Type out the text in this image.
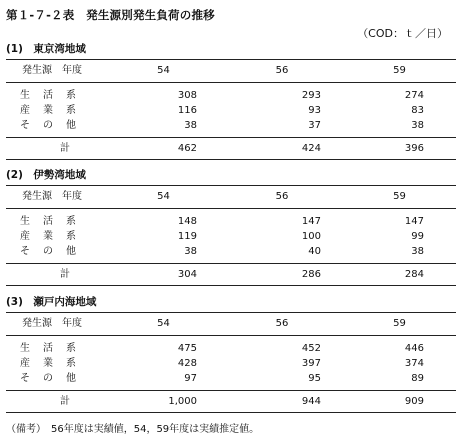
第１-７-２表　発生源別発生負荷の推移
（COD：ｔ／日）
(1)　東京湾地域
発生源　年度	54	56	59
生活系	308	293	274
産業系	116	93	83
その他	38	37	38
計	462	424	396
(2)　伊勢湾地域
発生源　年度	54	56	59
生活系	148	147	147
産業系	119	100	99
その他	38	40	38
計	304	286	284
(3)　瀬戸内海地域
発生源　年度	54	56	59
生活系	475	452	446
産業系	428	397	374
その他	97	95	89
計	1,000	944	909
（備考）　56年度は実績値，54，59年度は実績推定値。
